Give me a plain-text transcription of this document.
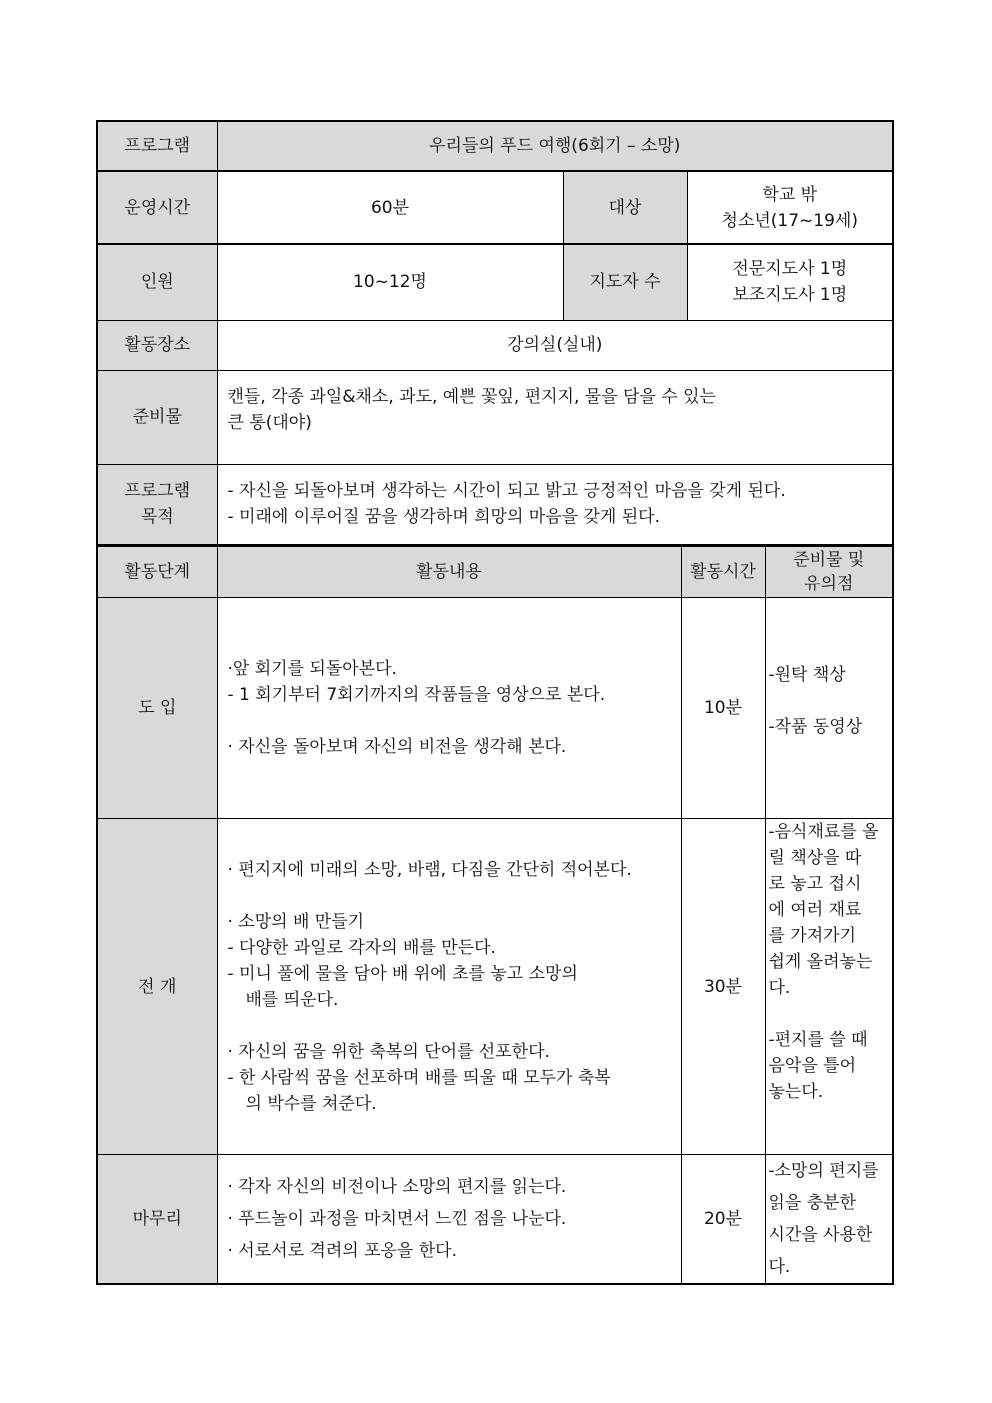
프로그램	우리들의 푸드 여행(6회기 – 소망)		
운영시간	60분	대상	학교 밖
청소년(17~19세)

인원	10~12명	지도자 수	전문지도사 1명
보조지도사 1명

활동장소	강의실(실내)		
준비물	캔들, 각종 과일&채소, 과도, 예쁜 꽃잎, 편지지, 물을 담을 수 있는
큰 통(대야)		

프로그램
목적	- 자신을 되돌아보며 생각하는 시간이 되고 밝고 긍정적인 마음을 갖게 된다.
- 미래에 이루어질 꿈을 생각하며 희망의 마음을 갖게 된다.		
활동단계	활동내용	활동시간	준비물 및
유의점

도 입	·앞 회기를 되돌아본다.
- 1 회기부터 7회기까지의 작품들을 영상으로 본다.
· 자신을 돌아보며 자신의 비전을 생각해 본다.	10분	-원탁 책상
-작품 동영상

전 개	
· 편지지에 미래의 소망, 바램, 다짐을 간단히 적어본다.
· 소망의 배 만들기
- 다양한 과일로 각자의 배를 만든다.
- 미니 풀에 물을 담아 배 위에 초를 놓고 소망의
배를 띄운다.
· 자신의 꿈을 위한 축복의 단어를 선포한다.
- 한 사람씩 꿈을 선포하며 배를 띄울 때 모두가 축복
의 박수를 쳐준다.
	30분	
-음식재료를 올
릴 책상을 따
로 놓고 접시
에 여러 재료
를 가져가기
쉽게 올려놓는
다.
-편지를 쓸 때
음악을 틀어
놓는다.

마무리	· 각자 자신의 비전이나 소망의 편지를 읽는다.
· 푸드놀이 과정을 마치면서 느낀 점을 나눈다.
· 서로서로 격려의 포옹을 한다.	20분	-소망의 편지를
읽을 충분한
시간을 사용한
다.
